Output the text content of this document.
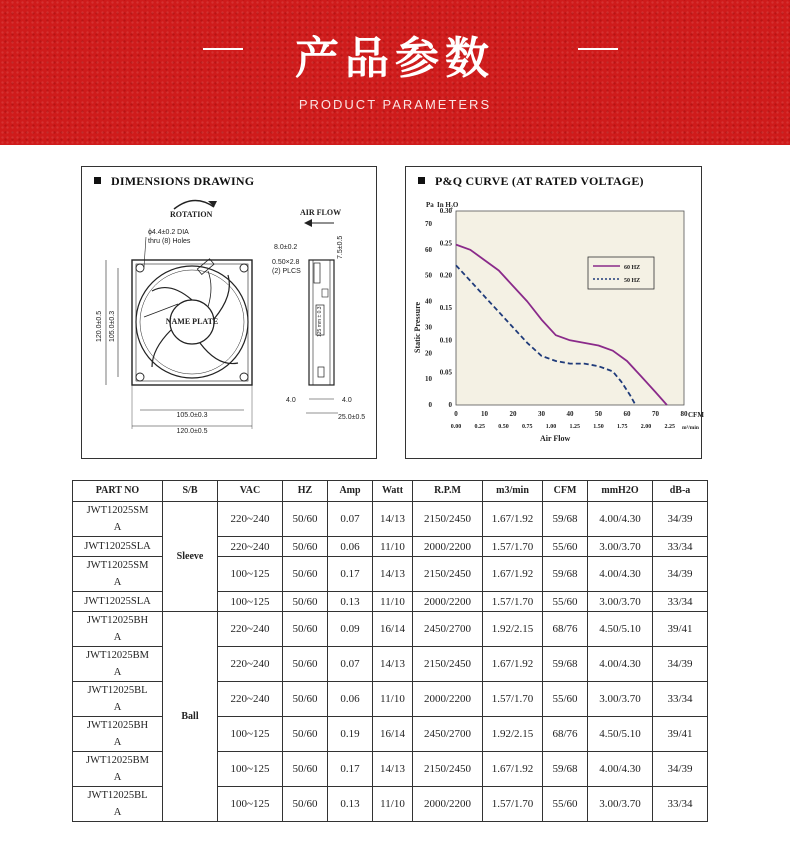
产品参数
PRODUCT PARAMETERS
DIMENSIONS DRAWING
ROTATION
ϕ4.4±0.2 DIA
thru (8) Holes
NAME PLATE
120.0±0.5 105.0±0.3
105.0±0.3
120.0±0.5
AIR FLOW
8.0±0.2	7.5±0.5
0.50×2.8
(2) PLCS
125 mm ± 0.3
4.0	4.0
25.0±0.5
P&Q CURVE (AT RATED VOLTAGE)
Pa In H₂O
Static Pressure
Air Flow
CFM
m³/min
0	10	20	30	40	50	60	70	80
0.00 0.25 0.50 0.75 1.00 1.25 1.50 1.75 2.00 2.25
0
10
20
30
40
50
60
70
0
0.05
0.10
0.15
0.20
0.25
0.30
60 HZ
50 HZ
PART NO	S/B	VAC	HZ	Amp	Watt	R.P.M	m3/min	CFM	mmH2O	dB-a
JWT12025SM
A	Sleeve	220~240	50/60	0.07	14/13	2150/2450	1.67/1.92	59/68	4.00/4.30	34/39
JWT12025SLA		220~240	50/60	0.06	11/10	2000/2200	1.57/1.70	55/60	3.00/3.70	33/34
JWT12025SM
A		100~125	50/60	0.17	14/13	2150/2450	1.67/1.92	59/68	4.00/4.30	34/39
JWT12025SLA		100~125	50/60	0.13	11/10	2000/2200	1.57/1.70	55/60	3.00/3.70	33/34
JWT12025BH
A	Ball	220~240	50/60	0.09	16/14	2450/2700	1.92/2.15	68/76	4.50/5.10	39/41
JWT12025BM
A		220~240	50/60	0.07	14/13	2150/2450	1.67/1.92	59/68	4.00/4.30	34/39
JWT12025BL
A		220~240	50/60	0.06	11/10	2000/2200	1.57/1.70	55/60	3.00/3.70	33/34
JWT12025BH
A		100~125	50/60	0.19	16/14	2450/2700	1.92/2.15	68/76	4.50/5.10	39/41
JWT12025BM
A		100~125	50/60	0.17	14/13	2150/2450	1.67/1.92	59/68	4.00/4.30	34/39
JWT12025BL
A		100~125	50/60	0.13	11/10	2000/2200	1.57/1.70	55/60	3.00/3.70	33/34
